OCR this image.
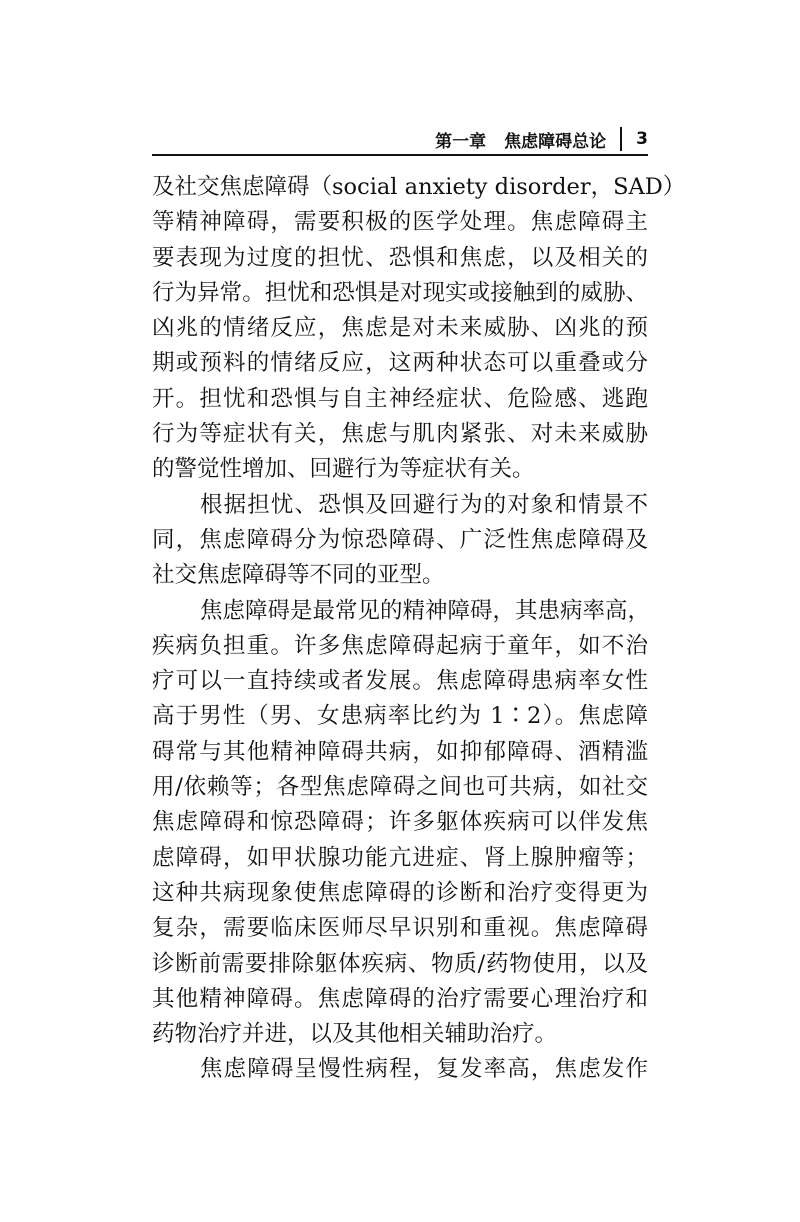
第一章 焦虑障碍总论 3
及社交焦虑障碍（social anxiety disorder，SAD）
等精神障碍，需要积极的医学处理。焦虑障碍主
要表现为过度的担忧、恐惧和焦虑，以及相关的
行为异常。担忧和恐惧是对现实或接触到的威胁、
凶兆的情绪反应，焦虑是对未来威胁、凶兆的预
期或预料的情绪反应，这两种状态可以重叠或分
开。担忧和恐惧与自主神经症状、危险感、逃跑
行为等症状有关，焦虑与肌肉紧张、对未来威胁
的警觉性增加、回避行为等症状有关。
根据担忧、恐惧及回避行为的对象和情景不
同，焦虑障碍分为惊恐障碍、广泛性焦虑障碍及
社交焦虑障碍等不同的亚型。
焦虑障碍是最常见的精神障碍，其患病率高，
疾病负担重。许多焦虑障碍起病于童年，如不治
疗可以一直持续或者发展。焦虑障碍患病率女性
高于男性（男、女患病率比约为 1∶2）。焦虑障
碍常与其他精神障碍共病，如抑郁障碍、酒精滥
用/依赖等；各型焦虑障碍之间也可共病，如社交
焦虑障碍和惊恐障碍；许多躯体疾病可以伴发焦
虑障碍，如甲状腺功能亢进症、肾上腺肿瘤等；
这种共病现象使焦虑障碍的诊断和治疗变得更为
复杂，需要临床医师尽早识别和重视。焦虑障碍
诊断前需要排除躯体疾病、物质/药物使用，以及
其他精神障碍。焦虑障碍的治疗需要心理治疗和
药物治疗并进，以及其他相关辅助治疗。
焦虑障碍呈慢性病程，复发率高，焦虑发作
